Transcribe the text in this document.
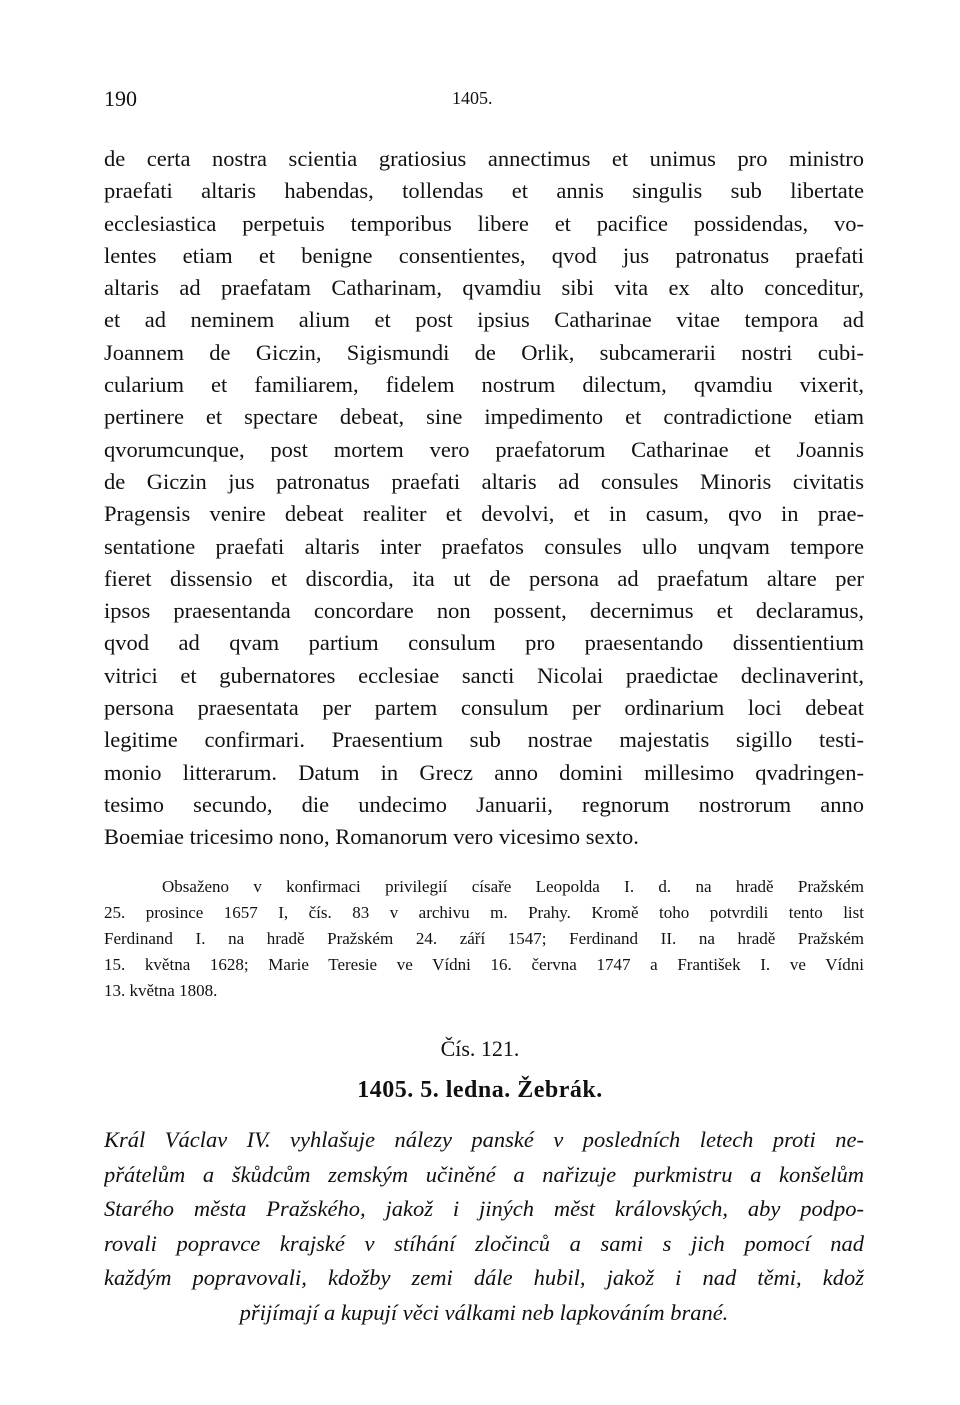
190	1405.
de certa nostra scientia gratiosius annectimus et unimus pro ministro
praefati altaris habendas, tollendas et annis singulis sub libertate
ecclesiastica perpetuis temporibus libere et pacifice possidendas, vo-
lentes etiam et benigne consentientes, qvod jus patronatus praefati
altaris ad praefatam Catharinam, qvamdiu sibi vita ex alto conceditur,
et ad neminem alium et post ipsius Catharinae vitae tempora ad
Joannem de Giczin, Sigismundi de Orlik, subcamerarii nostri cubi-
cularium et familiarem, fidelem nostrum dilectum, qvamdiu vixerit,
pertinere et spectare debeat, sine impedimento et contradictione etiam
qvorumcunque, post mortem vero praefatorum Catharinae et Joannis
de Giczin jus patronatus praefati altaris ad consules Minoris civitatis
Pragensis venire debeat realiter et devolvi, et in casum, qvo in prae-
sentatione praefati altaris inter praefatos consules ullo unqvam tempore
fieret dissensio et discordia, ita ut de persona ad praefatum altare per
ipsos praesentanda concordare non possent, decernimus et declaramus,
qvod ad qvam partium consulum pro praesentando dissentientium
vitrici et gubernatores ecclesiae sancti Nicolai praedictae declinaverint,
persona praesentata per partem consulum per ordinarium loci debeat
legitime confirmari. Praesentium sub nostrae majestatis sigillo testi-
monio litterarum. Datum in Grecz anno domini millesimo qvadringen-
tesimo secundo, die undecimo Januarii, regnorum nostrorum anno
Boemiae tricesimo nono, Romanorum vero vicesimo sexto.
Obsaženo v konfirmaci privilegií císaře Leopolda I. d. na hradě Pražském
25. prosince 1657 I, čís. 83 v archivu m. Prahy. Kromě toho potvrdili tento list
Ferdinand I. na hradě Pražském 24. září 1547; Ferdinand II. na hradě Pražském
15. května 1628; Marie Teresie ve Vídni 16. června 1747 a František I. ve Vídni
13. května 1808.
Čís. 121.
1405. 5. ledna. Žebrák.
Král Václav IV. vyhlašuje nálezy panské v posledních letech proti ne-
přátelům a škůdcům zemským učiněné a nařizuje purkmistru a konšelům
Starého města Pražského, jakož i jiných měst královských, aby podpo-
rovali popravce krajské v stíhání zločinců a sami s jich pomocí nad
každým popravovali, kdožby zemi dále hubil, jakož i nad těmi, kdož
přijímají a kupují věci válkami neb lapkováním brané.
